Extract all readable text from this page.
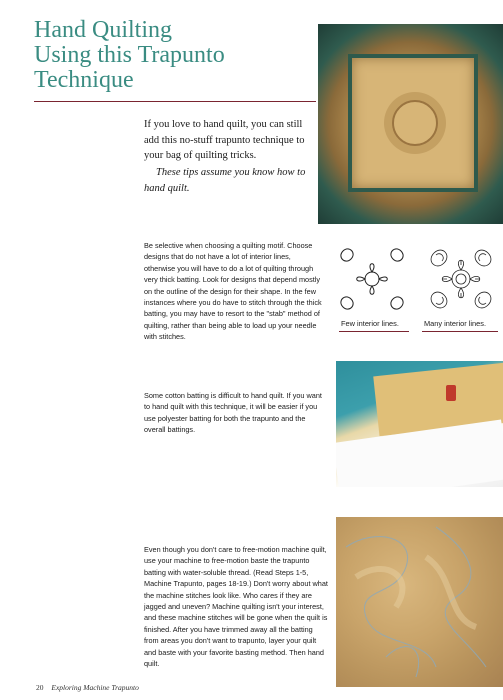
Hand Quilting
Using this Trapunto
Technique

If you love to hand quilt, you can still add this no-stuff trapunto technique to your bag of quilting tricks.

These tips assume you know how to hand quilt.

Be selective when choosing a quilting motif. Choose designs that do not have a lot of interior lines, otherwise you will have to do a lot of quilting through very thick batting. Look for designs that depend mostly on the outline of the design for their shape. In the few instances where you do have to stitch through the thick batting, you may have to resort to the "stab" method of quilting, rather than being able to load up your needle with stitches.

Few interior lines.	Many interior lines.

Some cotton batting is difficult to hand quilt. If you want to hand quilt with this technique, it will be easier if you use polyester batting for both the trapunto and the overall battings.

Even though you don't care to free-motion machine quilt, use your machine to free-motion baste the trapunto batting with water-soluble thread. (Read Steps 1-5, Machine Trapunto, pages 18-19.) Don't worry about what the machine stitches look like. Who cares if they are jagged and uneven? Machine quilting isn't your interest, and these machine stitches will be gone when the quilt is finished. After you have trimmed away all the batting from areas you don't want to trapunto, layer your quilt and baste with your favorite basting method. Then hand quilt.

20 Exploring Machine Trapunto
